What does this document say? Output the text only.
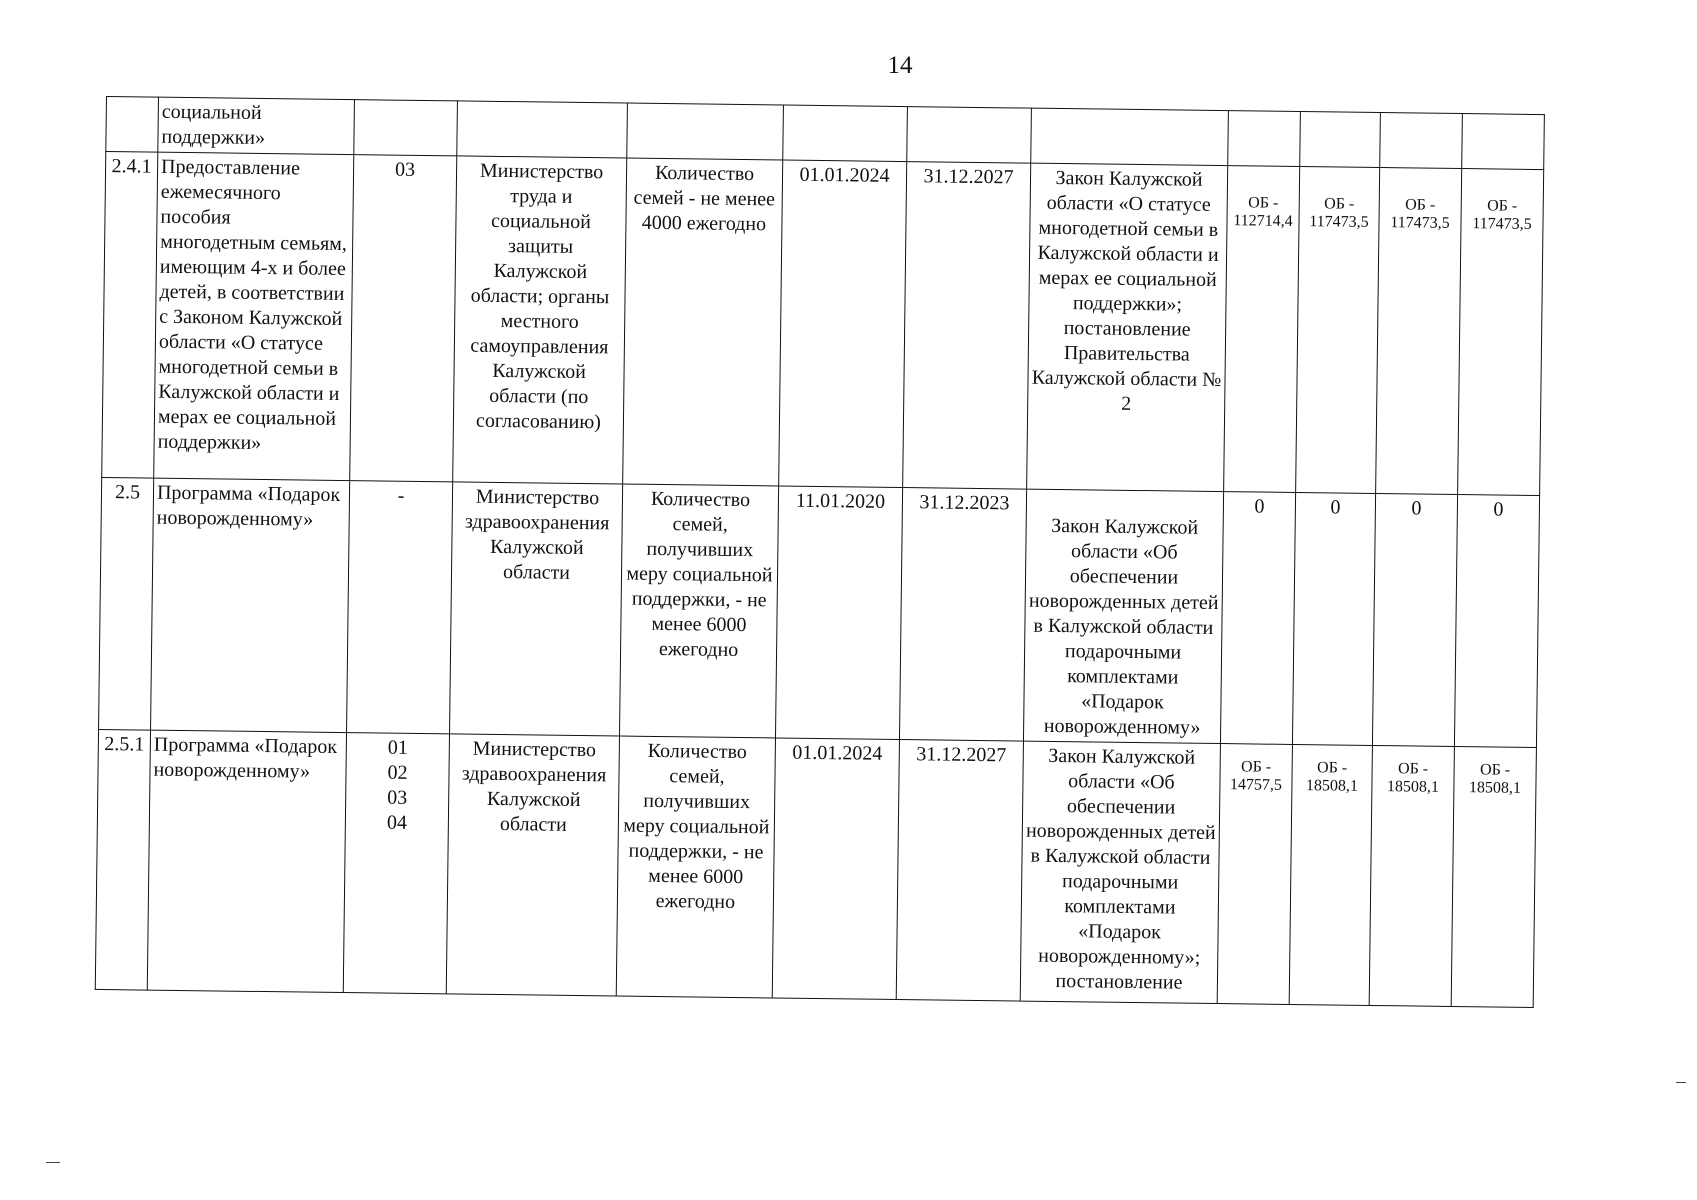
14
	социальной поддержки»										
2.4.1	Предоставление ежемесячного пособия многодетным семьям, имеющим 4-х и более детей, в соответствии с Законом Калужской области «О статусе многодетной семьи в Калужской области и мерах ее социальной поддержки»	03	Министерство труда и социальной защиты Калужской области; органы местного самоуправления Калужской области (по согласованию)	Количество семей - не менее 4000 ежегодно	01.01.2024	31.12.2027	Закон Калужской области «О статусе многодетной семьи в Калужской области и мерах ее социальной поддержки»; постановление Правительства Калужской области № 2	ОБ - 112714,4	ОБ - 117473,5	ОБ - 117473,5	ОБ - 117473,5
2.5	Программа «Подарок новорожденному»	-	Министерство здравоохранения Калужской области	Количество семей, получивших меру социальной поддержки, - не менее 6000 ежегодно	11.01.2020	31.12.2023	Закон Калужской области «Об обеспечении новорожденных детей в Калужской области подарочными комплектами «Подарок новорожденному»	0	0	0	0
2.5.1	Программа «Подарок новорожденному»	01
02
03
04	Министерство здравоохранения Калужской области	Количество семей, получивших меру социальной поддержки, - не менее 6000 ежегодно	01.01.2024	31.12.2027	Закон Калужской области «Об обеспечении новорожденных детей в Калужской области подарочными комплектами «Подарок новорожденному»; постановление	ОБ - 14757,5	ОБ - 18508,1	ОБ - 18508,1	ОБ - 18508,1
